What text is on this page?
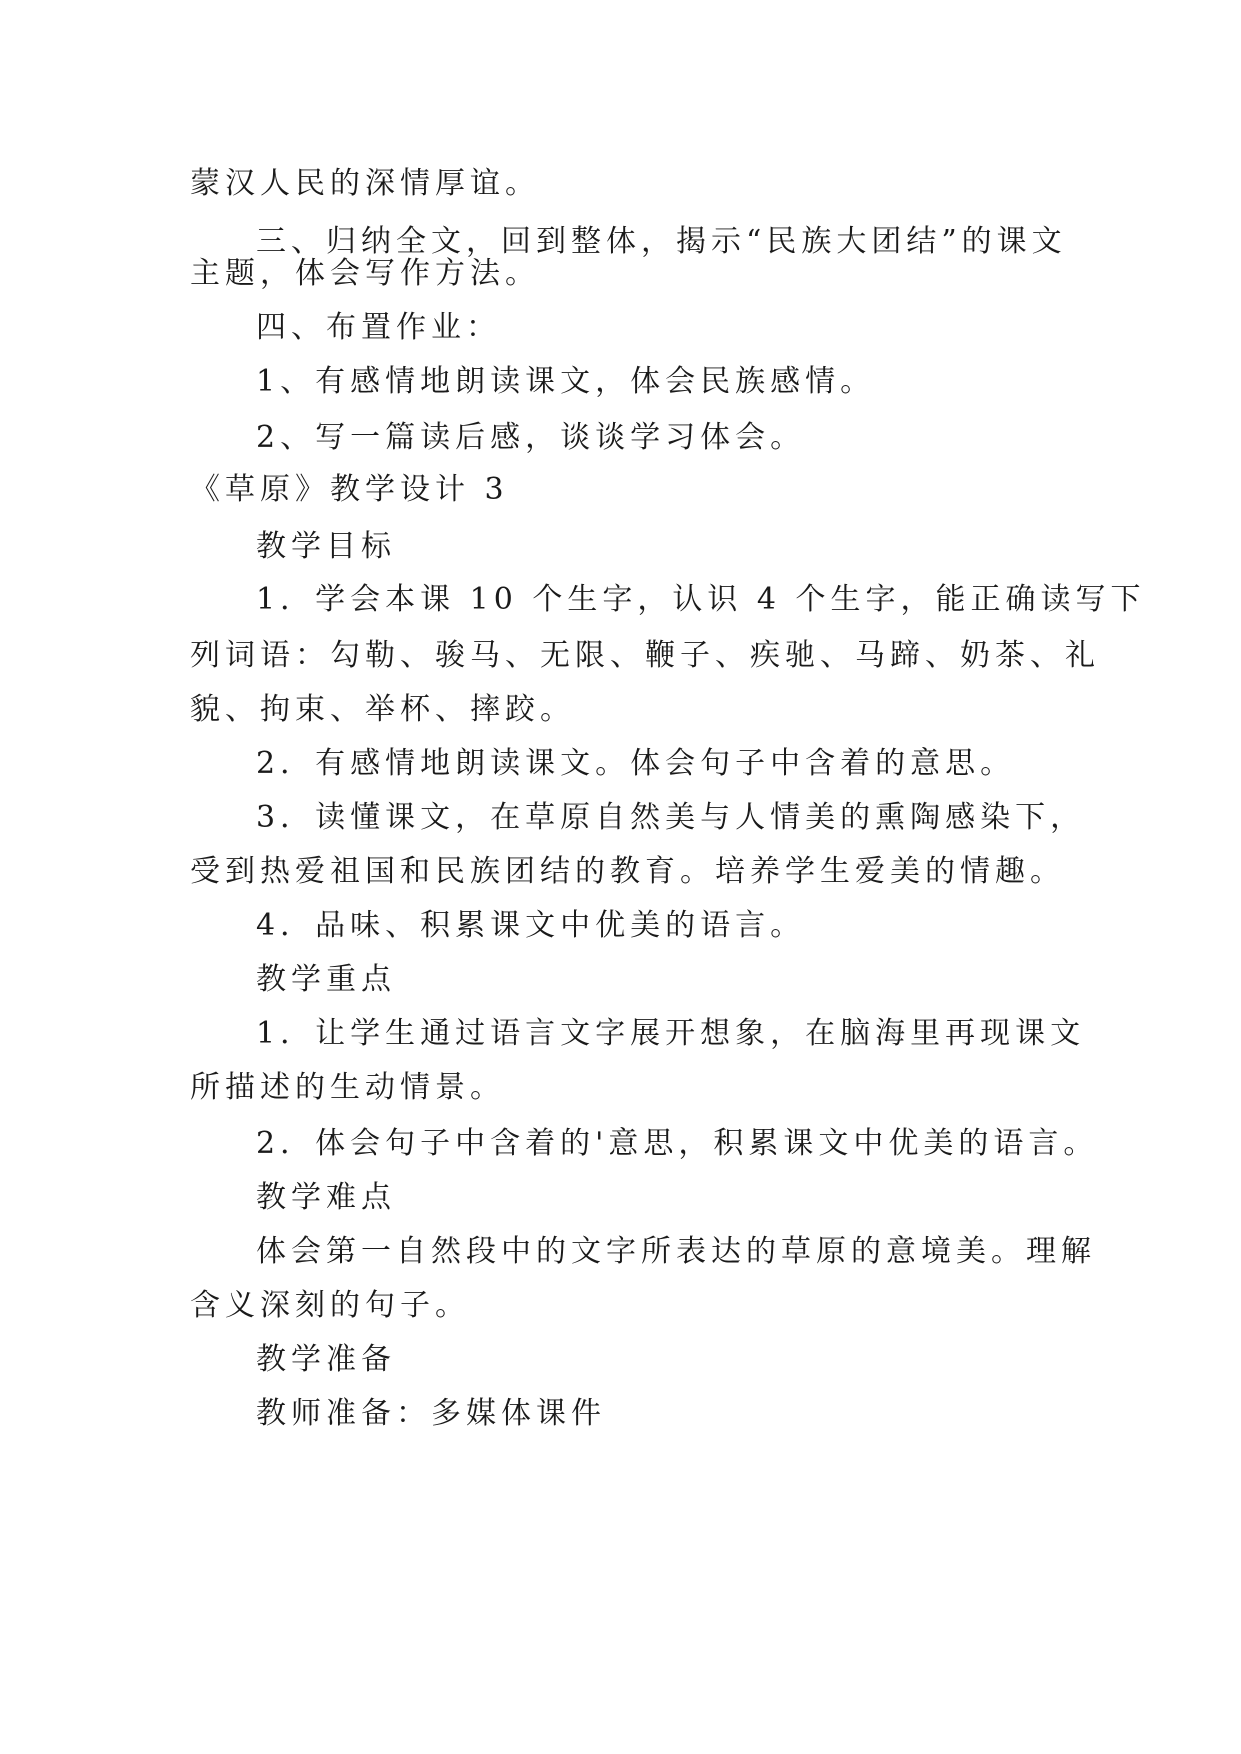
蒙汉人民的深情厚谊。
三、归纳全文，回到整体，揭示“民族大团结”的课文
主题，体会写作方法。
四、布置作业：
1、有感情地朗读课文，体会民族感情。
2、写一篇读后感，谈谈学习体会。
《草原》教学设计 3
教学目标
1．学会本课 10 个生字，认识 4 个生字，能正确读写下
列词语：勾勒、骏马、无限、鞭子、疾驰、马蹄、奶茶、礼
貌、拘束、举杯、摔跤。
2．有感情地朗读课文。体会句子中含着的意思。
3．读懂课文，在草原自然美与人情美的熏陶感染下，
受到热爱祖国和民族团结的教育。培养学生爱美的情趣。
4．品味、积累课文中优美的语言。
教学重点
1．让学生通过语言文字展开想象，在脑海里再现课文
所描述的生动情景。
2．体会句子中含着的'意思，积累课文中优美的语言。
教学难点
体会第一自然段中的文字所表达的草原的意境美。理解
含义深刻的句子。
教学准备
教师准备：多媒体课件
